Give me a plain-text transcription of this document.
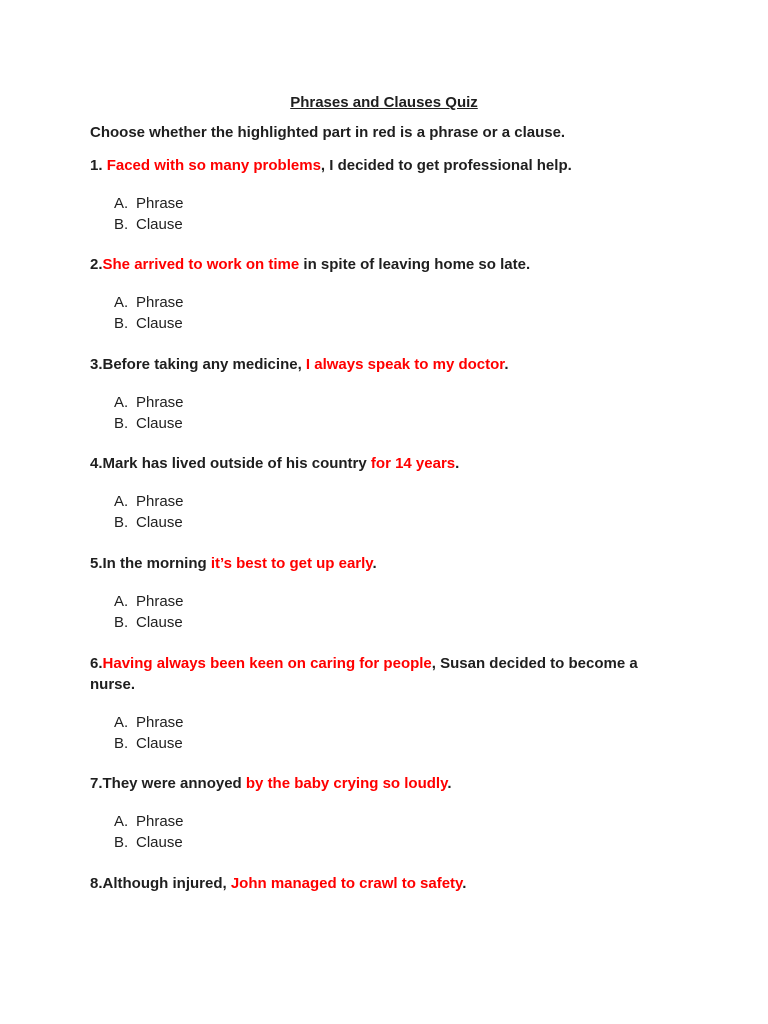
Phrases and Clauses Quiz

Choose whether the highlighted part in red is a phrase or a clause.

1. Faced with so many problems, I decided to get professional help.

A. Phrase
B. Clause

2.She arrived to work on time in spite of leaving home so late.

A. Phrase
B. Clause

3.Before taking any medicine, I always speak to my doctor.

A. Phrase
B. Clause

4.Mark has lived outside of his country for 14 years.

A. Phrase
B. Clause

5.In the morning it’s best to get up early.

A. Phrase
B. Clause

6.Having always been keen on caring for people, Susan decided to become a nurse.

A. Phrase
B. Clause

7.They were annoyed by the baby crying so loudly.

A. Phrase
B. Clause

8.Although injured, John managed to crawl to safety.
